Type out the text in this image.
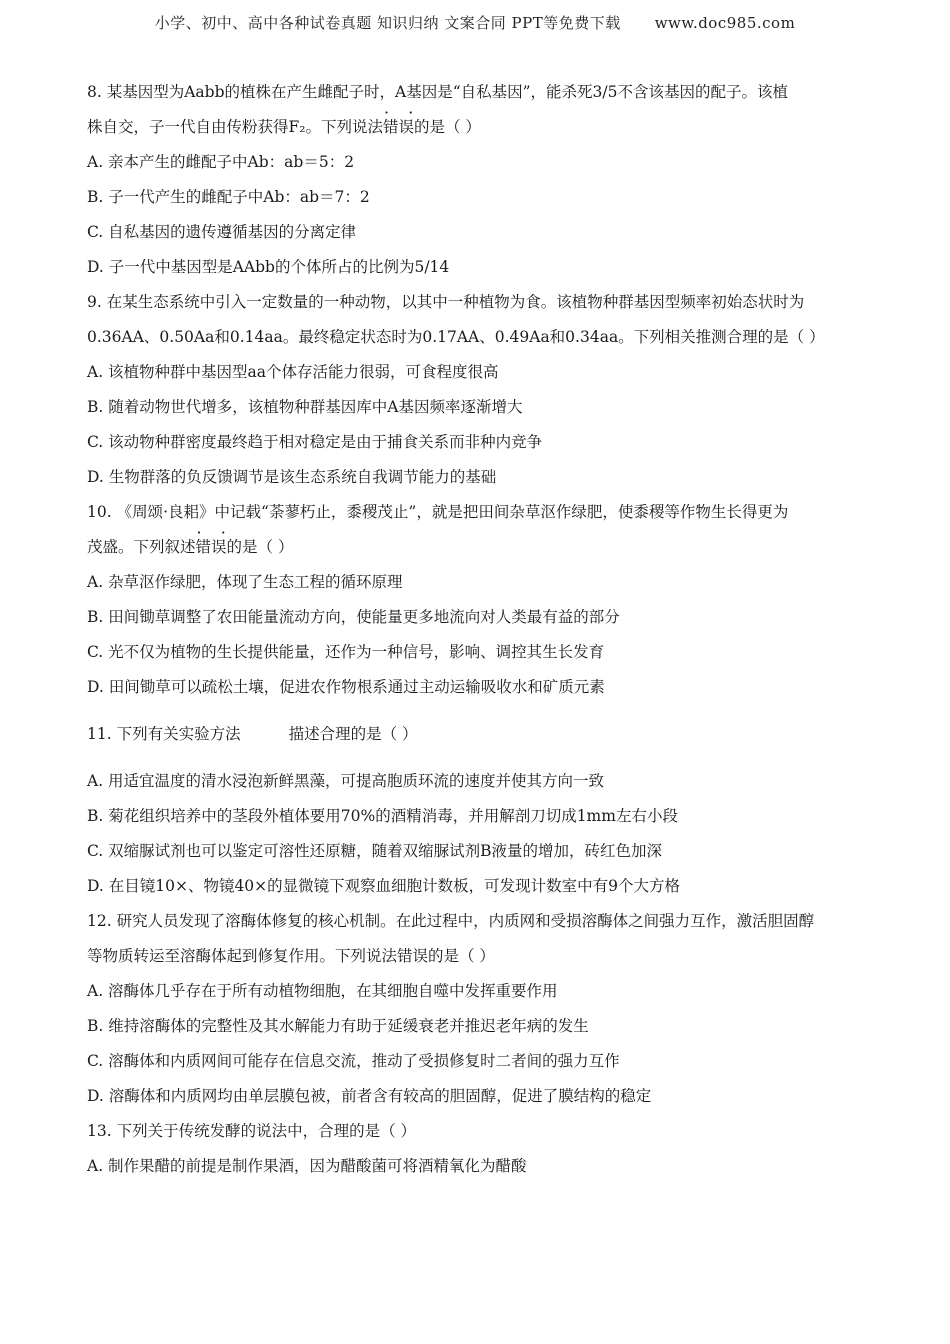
小学、初中、高中各种试卷真题 知识归纳 文案合同 PPT等免费下载 www.doc985.com
8. 某基因型为Aabb的植株在产生雌配子时，A基因是“自私基因”，能杀死3/5不含该基因的配子。该植
株自交，子一代自由传粉获得F₂。下列说法·  · 错误的是（ ）
A. 亲本产生的雌配子中Ab：ab＝5：2
B. 子一代产生的雌配子中Ab：ab＝7：2
C. 自私基因的遗传遵循基因的分离定律
D. 子一代中基因型是AAbb的个体所占的比例为5/14
9. 在某生态系统中引入一定数量的一种动物，以其中一种植物为食。该植物种群基因型频率初始态状时为
0.36AA、0.50Aa和0.14aa。最终稳定状态时为0.17AA、0.49Aa和0.34aa。下列相关推测合理的是（ ）
A. 该植物种群中基因型aa个体存活能力很弱，可食程度很高
B. 随着动物世代增多，该植物种群基因库中A基因频率逐渐增大
C. 该动物种群密度最终趋于相对稳定是由于捕食关系而非种内竞争
D. 生物群落的负反馈调节是该生态系统自我调节能力的基础
10. 《周颂·良耜》中记载“荼蓼朽止，黍稷茂止”，就是把田间杂草沤作绿肥，使黍稷等作物生长得更为
茂盛。下列叙述·  · 错误的是（ ）
A. 杂草沤作绿肥，体现了生态工程的循环原理
B. 田间锄草调整了农田能量流动方向，使能量更多地流向对人类最有益的部分
C. 光不仅为植物的生长提供能量，还作为一种信号，影响、调控其生长发育
D. 田间锄草可以疏松土壤，促进农作物根系通过主动运输吸收水和矿质元素
11. 下列有关实验方法	描述合理的是（ ）
A. 用适宜温度的清水浸泡新鲜黑藻，可提高胞质环流的速度并使其方向一致
B. 菊花组织培养中的茎段外植体要用70%的酒精消毒，并用解剖刀切成1mm左右小段
C. 双缩脲试剂也可以鉴定可溶性还原糖，随着双缩脲试剂B液量的增加，砖红色加深
D. 在目镜10×、物镜40×的显微镜下观察血细胞计数板，可发现计数室中有9个大方格
12. 研究人员发现了溶酶体修复的核心机制。在此过程中，内质网和受损溶酶体之间强力互作，激活胆固醇
等物质转运至溶酶体起到修复作用。下列说法错误的是（ ）
A. 溶酶体几乎存在于所有动植物细胞，在其细胞自噬中发挥重要作用
B. 维持溶酶体的完整性及其水解能力有助于延缓衰老并推迟老年病的发生
C. 溶酶体和内质网间可能存在信息交流，推动了受损修复时二者间的强力互作
D. 溶酶体和内质网均由单层膜包被，前者含有较高的胆固醇，促进了膜结构的稳定
13. 下列关于传统发酵的说法中，合理的是（ ）
A. 制作果醋的前提是制作果酒，因为醋酸菌可将酒精氧化为醋酸
